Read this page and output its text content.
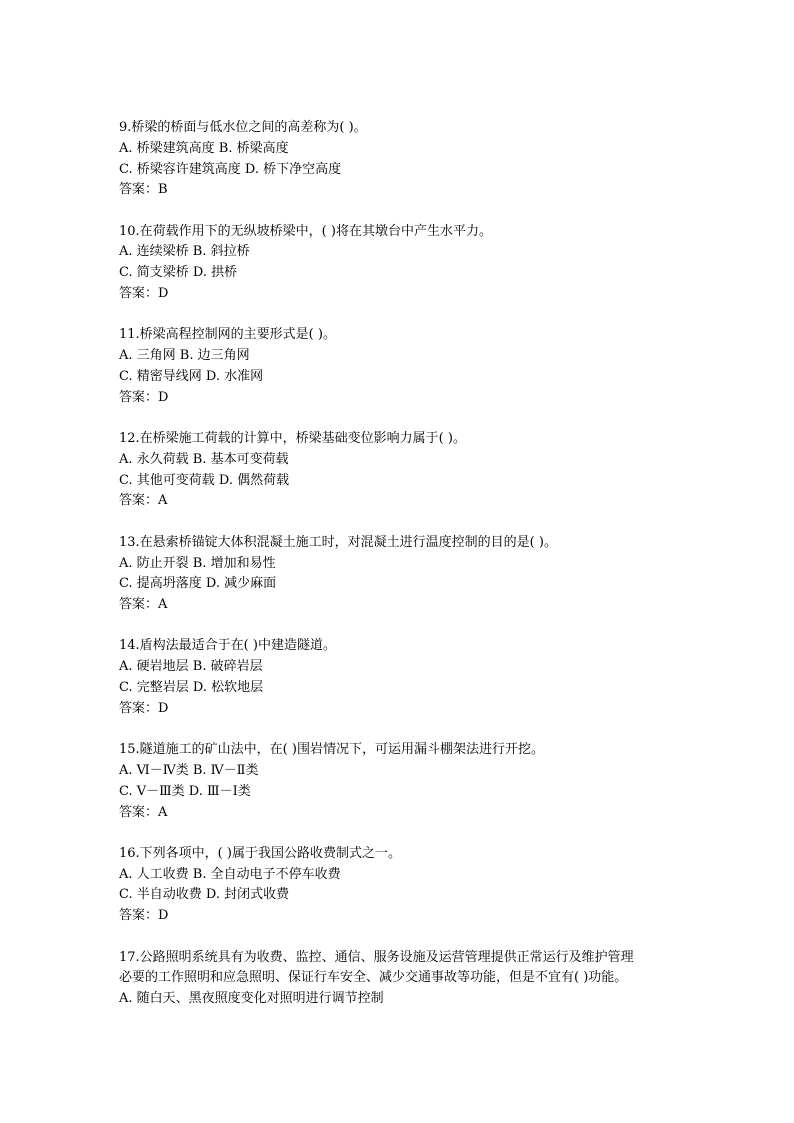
9.桥梁的桥面与低水位之间的高差称为( )。
A. 桥梁建筑高度 B. 桥梁高度
C. 桥梁容许建筑高度 D. 桥下净空高度
答案：B
10.在荷载作用下的无纵坡桥梁中，( )将在其墩台中产生水平力。
A. 连续梁桥 B. 斜拉桥
C. 简支梁桥 D. 拱桥
答案：D
11.桥梁高程控制网的主要形式是( )。
A. 三角网 B. 边三角网
C. 精密导线网 D. 水准网
答案：D
12.在桥梁施工荷载的计算中，桥梁基础变位影响力属于( )。
A. 永久荷载 B. 基本可变荷载
C. 其他可变荷载 D. 偶然荷载
答案：A
13.在悬索桥锚锭大体积混凝土施工时，对混凝土进行温度控制的目的是( )。
A. 防止开裂 B. 增加和易性
C. 提高坍落度 D. 减少麻面
答案：A
14.盾构法最适合于在( )中建造隧道。
A. 硬岩地层 B. 破碎岩层
C. 完整岩层 D. 松软地层
答案：D
15.隧道施工的矿山法中，在( )围岩情况下，可运用漏斗棚架法进行开挖。
A. Ⅵ－Ⅳ类 B. Ⅳ－Ⅱ类
C. Ⅴ－Ⅲ类 D. Ⅲ－Ⅰ类
答案：A
16.下列各项中，( )属于我国公路收费制式之一。
A. 人工收费 B. 全自动电子不停车收费
C. 半自动收费 D. 封闭式收费
答案：D
17.公路照明系统具有为收费、监控、通信、服务设施及运营管理提供正常运行及维护管理
必要的工作照明和应急照明、保证行车安全、减少交通事故等功能，但是不宜有( )功能。
A. 随白天、黑夜照度变化对照明进行调节控制
